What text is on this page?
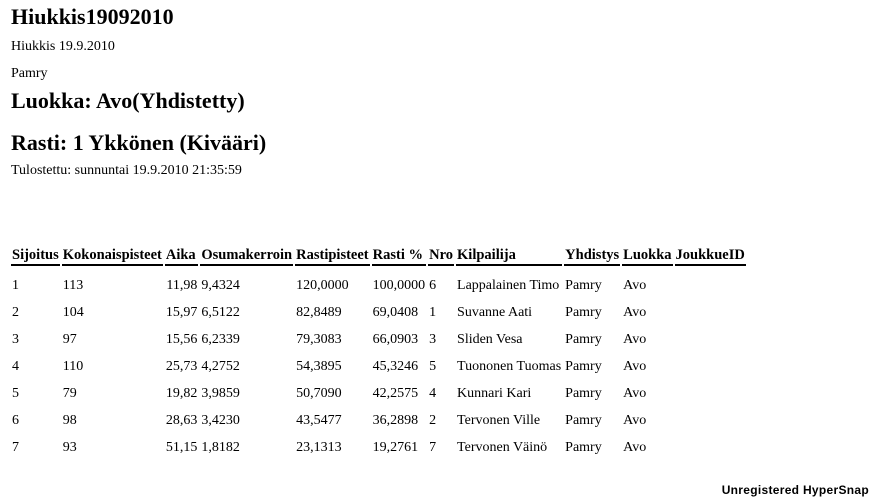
Hiukkis19092010
Hiukkis 19.9.2010
Pamry
Luokka: Avo(Yhdistetty)
Rasti: 1 Ykkönen (Kivääri)
Tulostettu: sunnuntai 19.9.2010 21:35:59
Sijoitus	Kokonaispisteet	Aika	Osumakerroin	Rastipisteet	Rasti %	Nro	Kilpailija	Yhdistys	Luokka	JoukkueID
1	113	11,98	9,4324	120,0000	100,0000	6	Lappalainen Timo	Pamry	Avo	
2	104	15,97	6,5122	82,8489	69,0408	1	Suvanne Aati	Pamry	Avo	
3	97	15,56	6,2339	79,3083	66,0903	3	Sliden Vesa	Pamry	Avo	
4	110	25,73	4,2752	54,3895	45,3246	5	Tuononen Tuomas	Pamry	Avo	
5	79	19,82	3,9859	50,7090	42,2575	4	Kunnari Kari	Pamry	Avo	
6	98	28,63	3,4230	43,5477	36,2898	2	Tervonen Ville	Pamry	Avo	
7	93	51,15	1,8182	23,1313	19,2761	7	Tervonen Väinö	Pamry	Avo	
Unregistered HyperSnap
